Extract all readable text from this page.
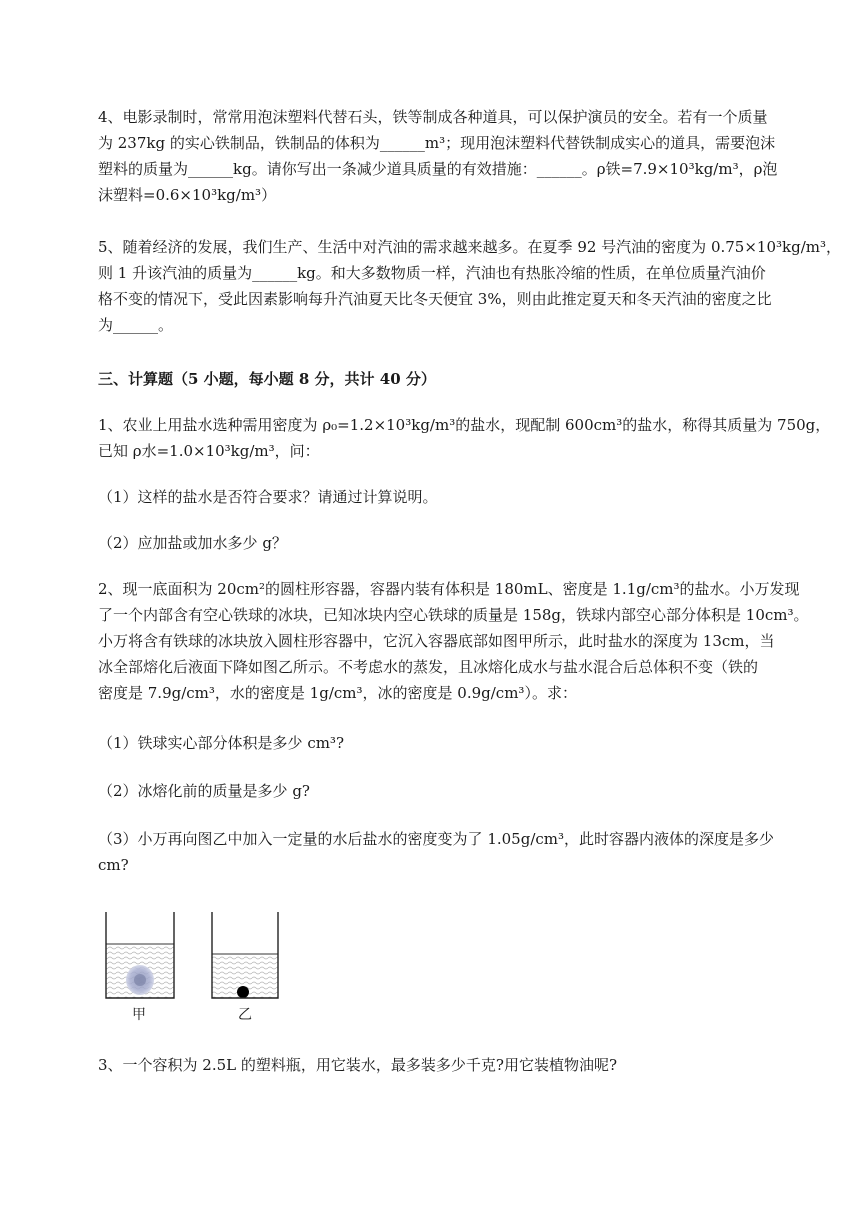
4、电影录制时，常常用泡沫塑料代替石头，铁等制成各种道具，可以保护演员的安全。若有一个质量
为 237kg 的实心铁制品，铁制品的体积为______m³；现用泡沫塑料代替铁制成实心的道具，需要泡沫
塑料的质量为______kg。请你写出一条减少道具质量的有效措施：______。ρ铁=7.9×10³kg/m³，ρ泡
沫塑料=0.6×10³kg/m³）
5、随着经济的发展，我们生产、生活中对汽油的需求越来越多。在夏季 92 号汽油的密度为 0.75×10³kg/m³，
则 1 升该汽油的质量为______kg。和大多数物质一样，汽油也有热胀冷缩的性质，在单位质量汽油价
格不变的情况下，受此因素影响每升汽油夏天比冬天便宜 3%，则由此推定夏天和冬天汽油的密度之比
为______。
三、计算题（5 小题，每小题 8 分，共计 40 分）
1、农业上用盐水选种需用密度为 ρ₀=1.2×10³kg/m³的盐水，现配制 600cm³的盐水，称得其质量为 750g，
已知 ρ水=1.0×10³kg/m³，问：
（1）这样的盐水是否符合要求？请通过计算说明。
（2）应加盐或加水多少 g？
2、现一底面积为 20cm²的圆柱形容器，容器内装有体积是 180mL、密度是 1.1g/cm³的盐水。小万发现
了一个内部含有空心铁球的冰块，已知冰块内空心铁球的质量是 158g，铁球内部空心部分体积是 10cm³。
小万将含有铁球的冰块放入圆柱形容器中，它沉入容器底部如图甲所示，此时盐水的深度为 13cm，当
冰全部熔化后液面下降如图乙所示。不考虑水的蒸发，且冰熔化成水与盐水混合后总体积不变（铁的
密度是 7.9g/cm³，水的密度是 1g/cm³，冰的密度是 0.9g/cm³）。求：
（1）铁球实心部分体积是多少 cm³?
（2）冰熔化前的质量是多少 g?
（3）小万再向图乙中加入一定量的水后盐水的密度变为了 1.05g/cm³，此时容器内液体的深度是多少
cm?
甲	乙
3、一个容积为 2.5L 的塑料瓶，用它装水，最多装多少千克?用它装植物油呢?
